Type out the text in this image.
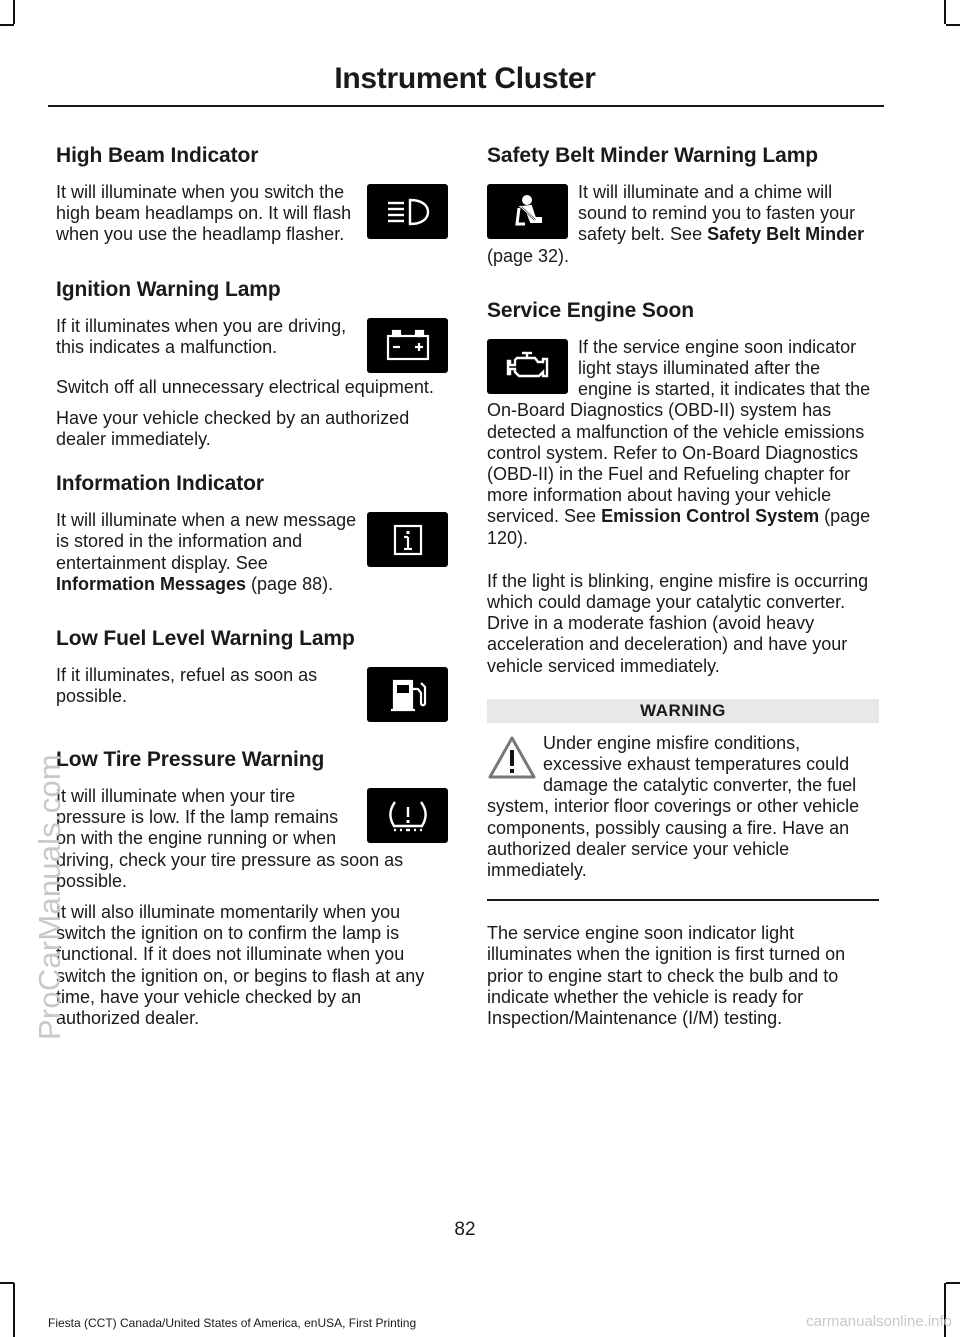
Instrument Cluster
High Beam Indicator

It will illuminate when you switch the high beam headlamps on. It will flash when you use the headlamp flasher.

Ignition Warning Lamp

If it illuminates when you are driving, this indicates a malfunction.

Switch off all unnecessary electrical equipment.

Have your vehicle checked by an authorized dealer immediately.

Information Indicator

It will illuminate when a new message is stored in the information and entertainment display. See Information Messages (page 88).

Low Fuel Level Warning Lamp

If it illuminates, refuel as soon as possible.

Low Tire Pressure Warning

It will illuminate when your tire pressure is low. If the lamp remains on with the engine running or when driving, check your tire pressure as soon as possible.

It will also illuminate momentarily when you switch the ignition on to confirm the lamp is functional. If it does not illuminate when you switch the ignition on, or begins to flash at any time, have your vehicle checked by an authorized dealer.

Safety Belt Minder Warning Lamp

It will illuminate and a chime will sound to remind you to fasten your safety belt. See Safety Belt Minder (page 32).

Service Engine Soon

If the service engine soon indicator light stays illuminated after the engine is started, it indicates that the On-Board Diagnostics (OBD-II) system has detected a malfunction of the vehicle emissions control system. Refer to On-Board Diagnostics (OBD-II) in the Fuel and Refueling chapter for more information about having your vehicle serviced. See Emission Control System (page 120).

If the light is blinking, engine misfire is occurring which could damage your catalytic converter. Drive in a moderate fashion (avoid heavy acceleration and deceleration) and have your vehicle serviced immediately.

WARNING

Under engine misfire conditions, excessive exhaust temperatures could damage the catalytic converter, the fuel system, interior floor coverings or other vehicle components, possibly causing a fire. Have an authorized dealer service your vehicle immediately.

The service engine soon indicator light illuminates when the ignition is first turned on prior to engine start to check the bulb and to indicate whether the vehicle is ready for Inspection/Maintenance (I/M) testing.

82
Fiesta (CCT) Canada/United States of America, enUSA, First Printing
ProCarManuals.com
carmanualsonline.info
